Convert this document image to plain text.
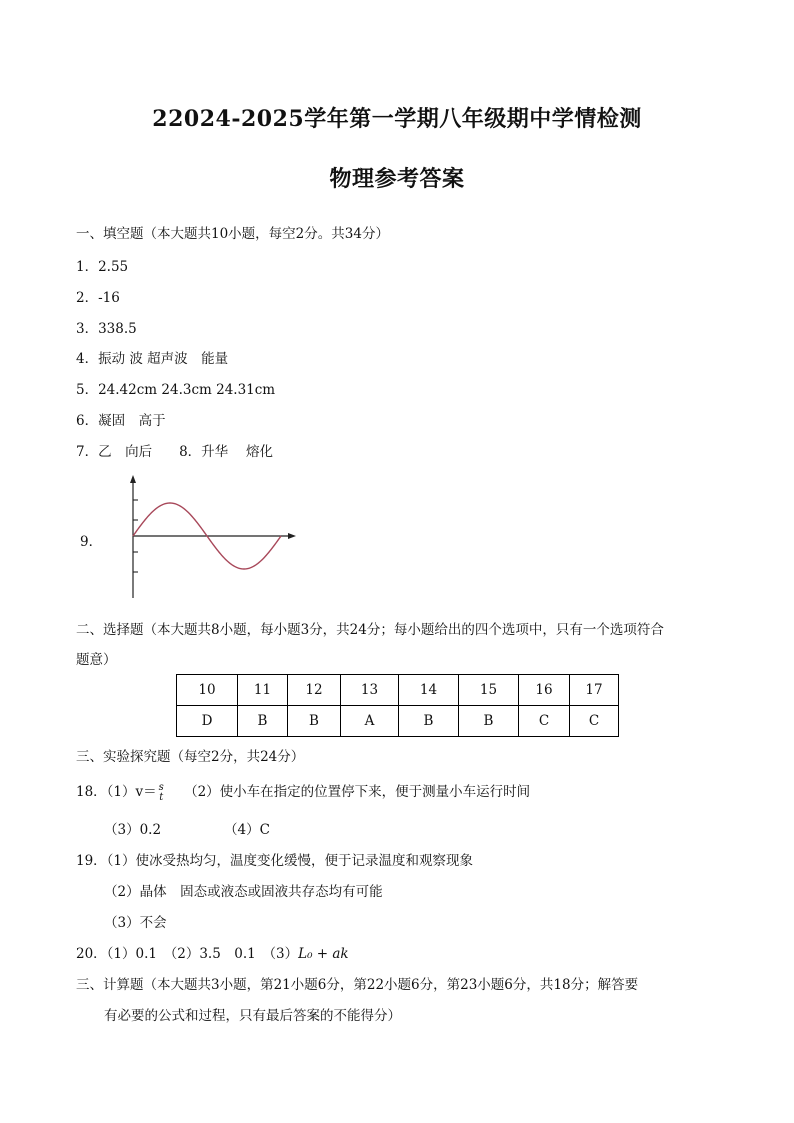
22024-2025学年第一学期八年级期中学情检测
物理参考答案
一、填空题（本大题共10小题，每空2分。共34分）
1．2.55
2．-16
3．338.5
4．振动 波 超声波　能量
5．24.42cm 24.3cm 24.31cm
6．凝固　高于
7．乙　向后　　8．升华　 熔化
9．
二、选择题（本大题共8小题，每小题3分，共24分；每小题给出的四个选项中，只有一个选项符合
题意）
10	11	12	13	14	15	16	17
D	B	B	A	B	B	C	C
三、实验探究题（每空2分，共24分）
18．（1）v＝ s
t （2）使小车在指定的位置停下来，便于测量小车运行时间
（3）0.2	（4）C
19．（1）使冰受热均匀，温度变化缓慢，便于记录温度和观察现象
（2）晶体　固态或液态或固液共存态均有可能
（3）不会
20．（1）0.1　（2）3.5　0.1　（3）L₀ + ak
三、计算题（本大题共3小题，第21小题6分，第22小题6分，第23小题6分，共18分；解答要
有必要的公式和过程，只有最后答案的不能得分）
